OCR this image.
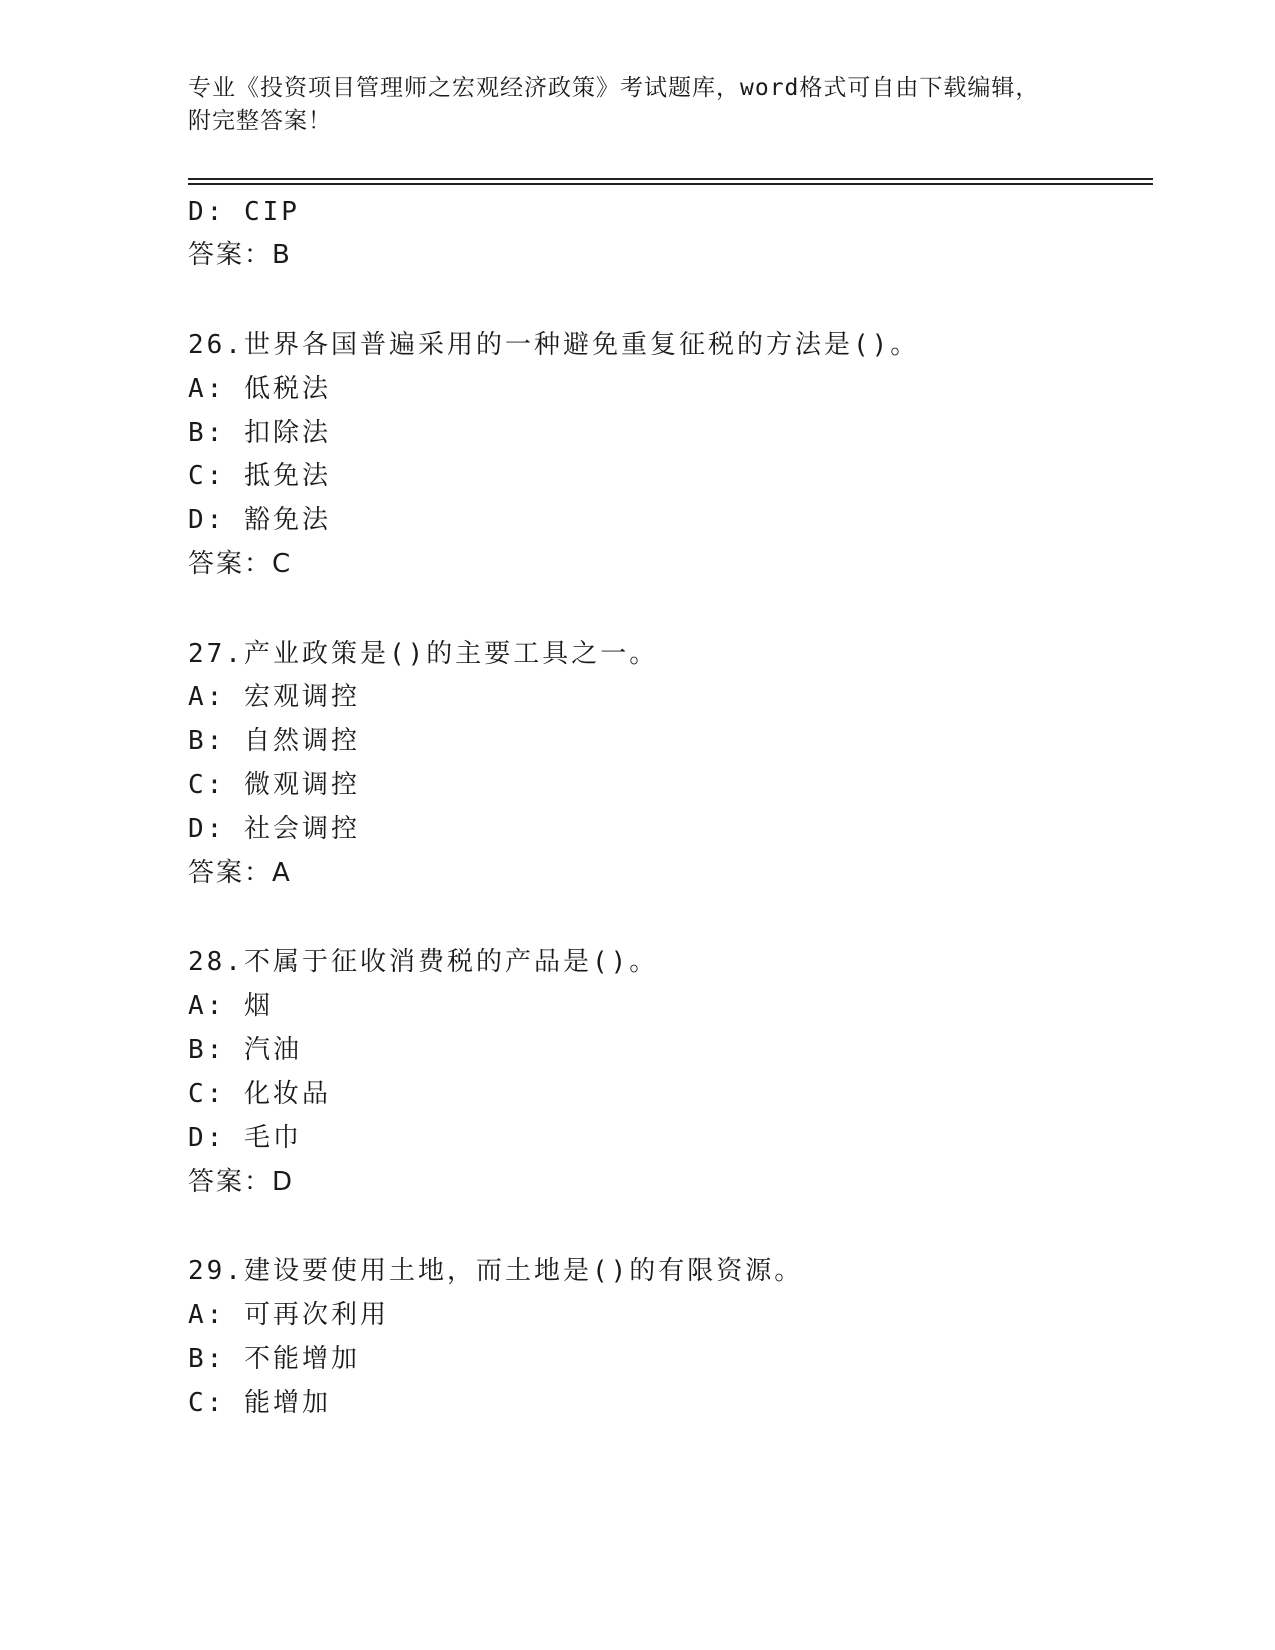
专业《投资项目管理师之宏观经济政策》考试题库，word格式可自由下载编辑，
附完整答案！
D: CIP
答案：B
26.世界各国普遍采用的一种避免重复征税的方法是()。
A: 低税法
B: 扣除法
C: 抵免法
D: 豁免法
答案：C
27.产业政策是()的主要工具之一。
A: 宏观调控
B: 自然调控
C: 微观调控
D: 社会调控
答案：A
28.不属于征收消费税的产品是()。
A: 烟
B: 汽油
C: 化妆品
D: 毛巾
答案：D
29.建设要使用土地，而土地是()的有限资源。
A: 可再次利用
B: 不能增加
C: 能增加
